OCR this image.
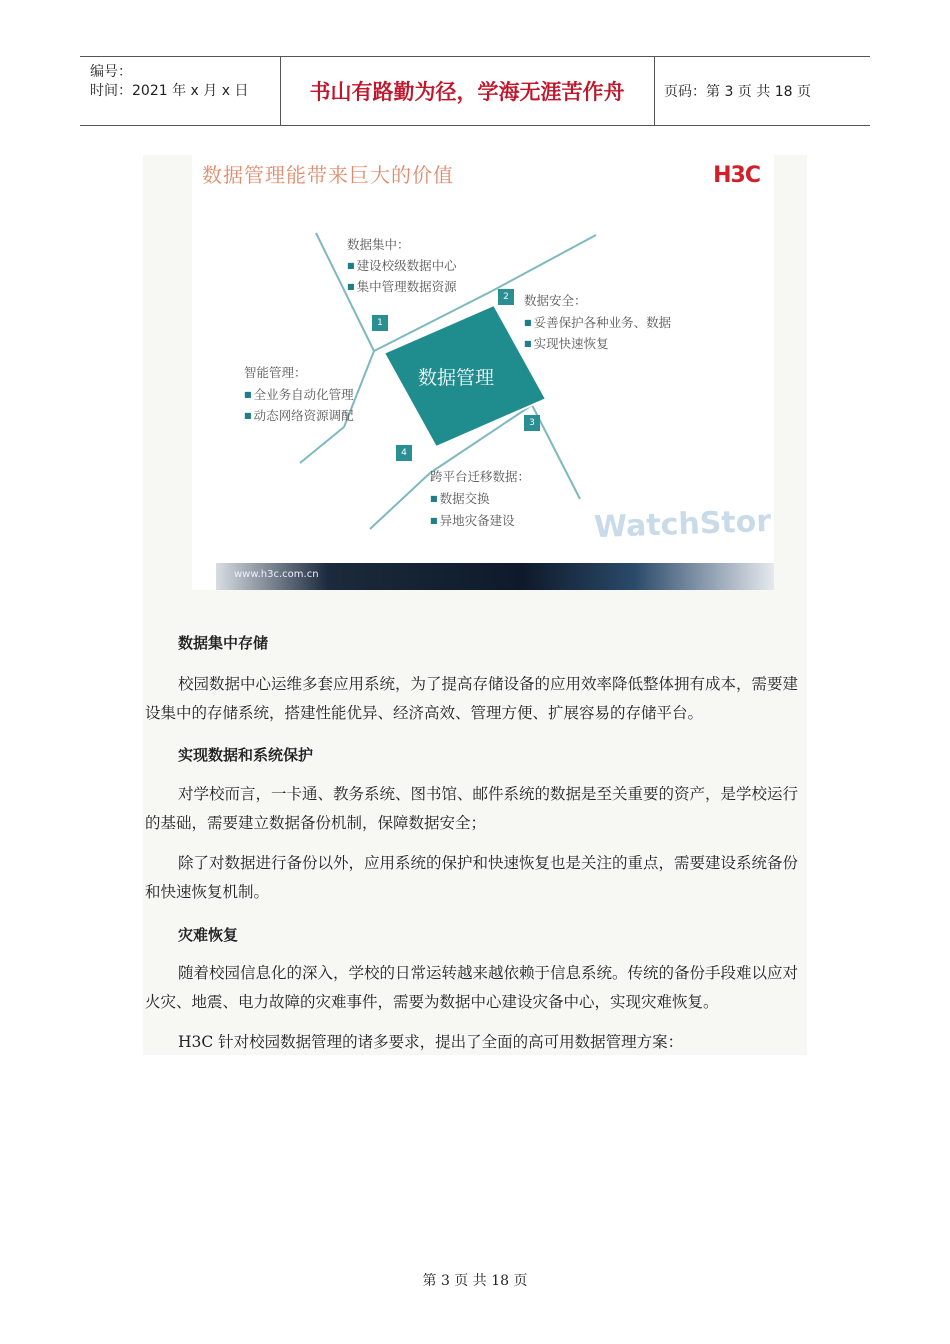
编号：
时间：2021 年 x 月 x 日	书山有路勤为径，学海无涯苦作舟	页码：第 3 页 共 18 页
数据管理能带来巨大的价值	H3C
数据管理
数据集中：
■ 建设校级数据中心
■ 集中管理数据资源
1
2	数据安全：
■ 妥善保护各种业务、数据
■ 实现快速恢复
智能管理：
■ 全业务自动化管理
■ 动态网络资源调配
4
3
跨平台迁移数据：
■ 数据交换
■ 异地灾备建设	WatchStor
www.h3c.com.cn
数据集中存储
校园数据中心运维多套应用系统，为了提高存储设备的应用效率降低整体拥有成本，需要建设集中的存储系统，搭建性能优异、经济高效、管理方便、扩展容易的存储平台。
实现数据和系统保护
对学校而言，一卡通、教务系统、图书馆、邮件系统的数据是至关重要的资产，是学校运行的基础，需要建立数据备份机制，保障数据安全；
除了对数据进行备份以外，应用系统的保护和快速恢复也是关注的重点，需要建设系统备份和快速恢复机制。
灾难恢复
随着校园信息化的深入，学校的日常运转越来越依赖于信息系统。传统的备份手段难以应对火灾、地震、电力故障的灾难事件，需要为数据中心建设灾备中心，实现灾难恢复。
H3C 针对校园数据管理的诸多要求，提出了全面的高可用数据管理方案：
第 3 页 共 18 页
